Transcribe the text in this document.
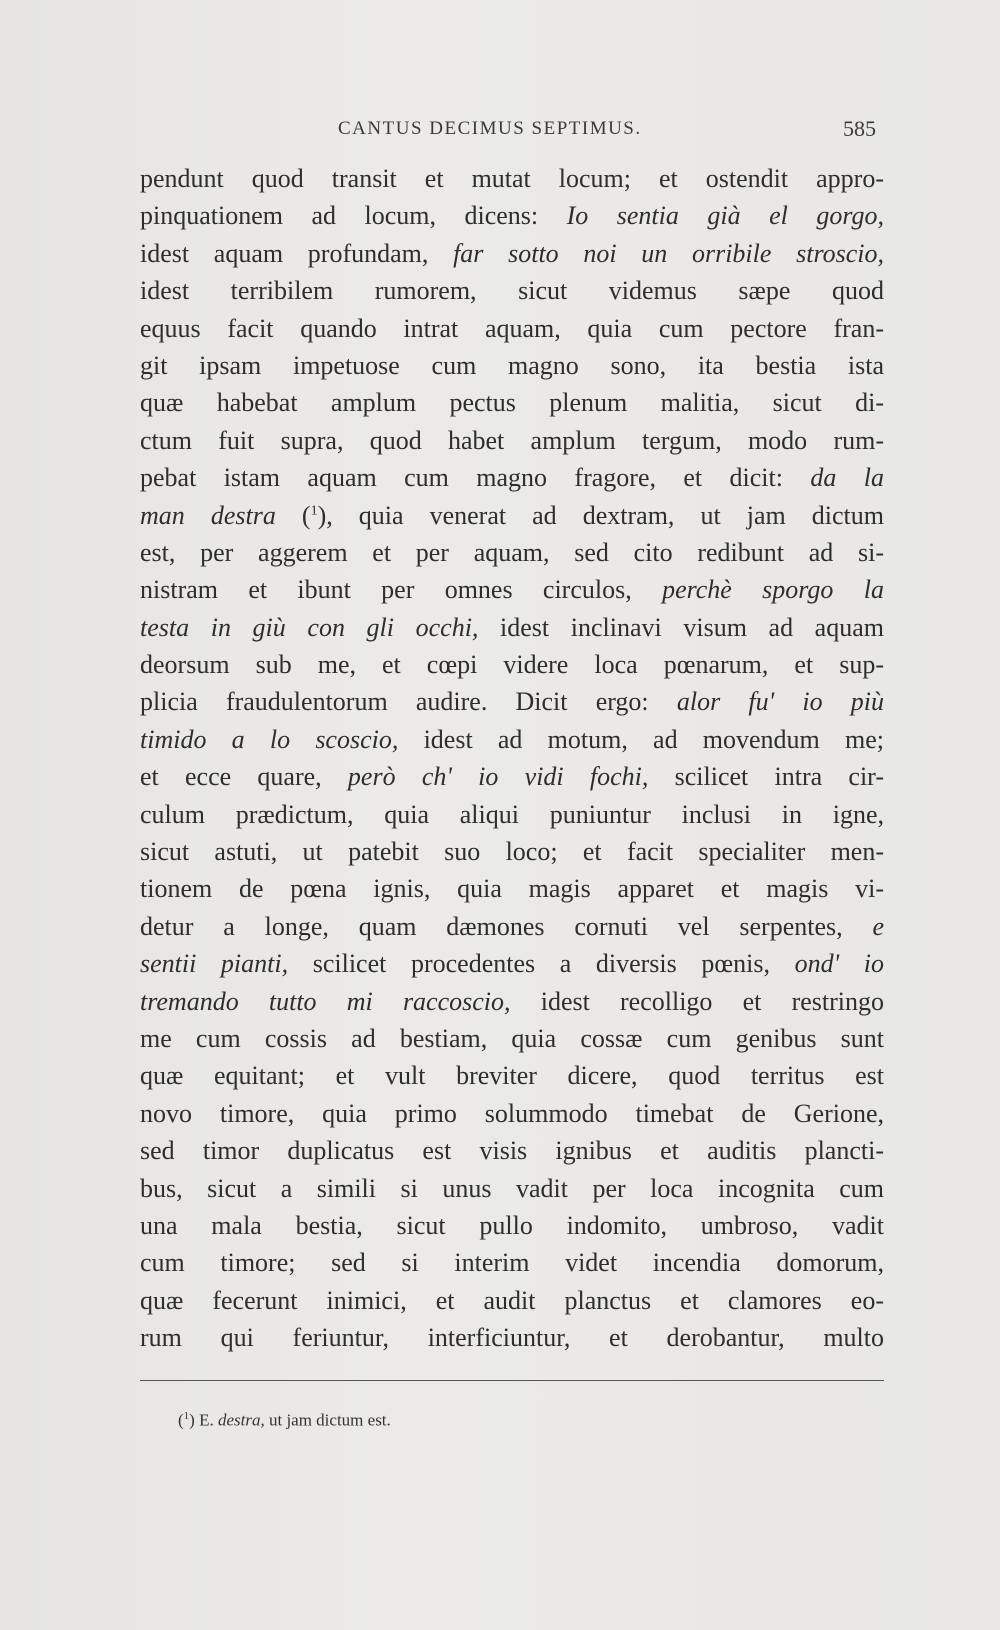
CANTUS DECIMUS SEPTIMUS.	585
pendunt quod transit et mutat locum; et ostendit appro-
pinquationem ad locum, dicens: Io sentia già el gorgo,
idest aquam profundam, far sotto noi un orribile stroscio,
idest terribilem rumorem, sicut videmus sæpe quod
equus facit quando intrat aquam, quia cum pectore fran-
git ipsam impetuose cum magno sono, ita bestia ista
quæ habebat amplum pectus plenum malitia, sicut di-
ctum fuit supra, quod habet amplum tergum, modo rum-
pebat istam aquam cum magno fragore, et dicit: da la
man destra ($^1$), quia venerat ad dextram, ut jam dictum
est, per aggerem et per aquam, sed cito redibunt ad si-
nistram et ibunt per omnes circulos, perchè sporgo la
testa in giù con gli occhi, idest inclinavi visum ad aquam
deorsum sub me, et cœpi videre loca pœnarum, et sup-
plicia fraudulentorum audire. Dicit ergo: alor fu' io più
timido a lo scoscio, idest ad motum, ad movendum me;
et ecce quare, però ch' io vidi fochi, scilicet intra cir-
culum prædictum, quia aliqui puniuntur inclusi in igne,
sicut astuti, ut patebit suo loco; et facit specialiter men-
tionem de pœna ignis, quia magis apparet et magis vi-
detur a longe, quam dæmones cornuti vel serpentes, e
sentii pianti, scilicet procedentes a diversis pœnis, ond' io
tremando tutto mi raccoscio, idest recolligo et restringo
me cum cossis ad bestiam, quia cossæ cum genibus sunt
quæ equitant; et vult breviter dicere, quod territus est
novo timore, quia primo solummodo timebat de Gerione,
sed timor duplicatus est visis ignibus et auditis plancti-
bus, sicut a simili si unus vadit per loca incognita cum
una mala bestia, sicut pullo indomito, umbroso, vadit
cum timore; sed si interim videt incendia domorum,
quæ fecerunt inimici, et audit planctus et clamores eo-
rum qui feriuntur, interficiuntur, et derobantur, multo
($^1$) E. destra, ut jam dictum est.
